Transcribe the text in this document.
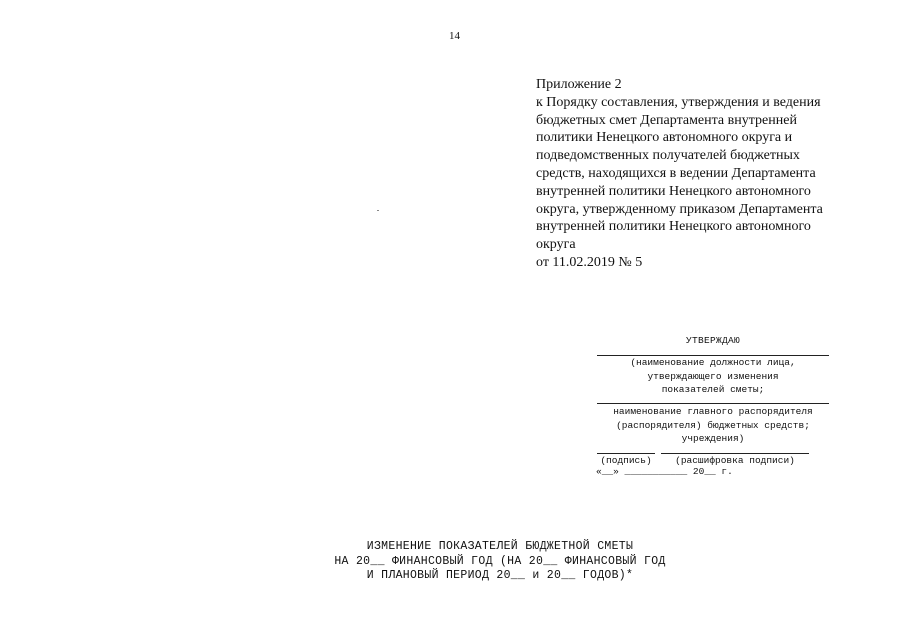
14
Приложение 2
к Порядку составления, утверждения и ведения
бюджетных смет Департамента внутренней
политики Ненецкого автономного округа и
подведомственных получателей бюджетных
средств, находящихся в ведении Департамента
внутренней политики Ненецкого автономного
округа, утвержденному приказом Департамента
внутренней политики Ненецкого автономного
округа
от 11.02.2019 № 5
УТВЕРЖДАЮ
(наименование должности лица,
утверждающего изменения
показателей сметы;
наименование главного распорядителя
(распорядителя) бюджетных средств;
учреждения)
(подпись)	(расшифровка подписи)
«__» ___________ 20__ г.
ИЗМЕНЕНИЕ ПОКАЗАТЕЛЕЙ БЮДЖЕТНОЙ СМЕТЫ
НА 20__ ФИНАНСОВЫЙ ГОД (НА 20__ ФИНАНСОВЫЙ ГОД
И ПЛАНОВЫЙ ПЕРИОД 20__ и 20__ ГОДОВ)*
